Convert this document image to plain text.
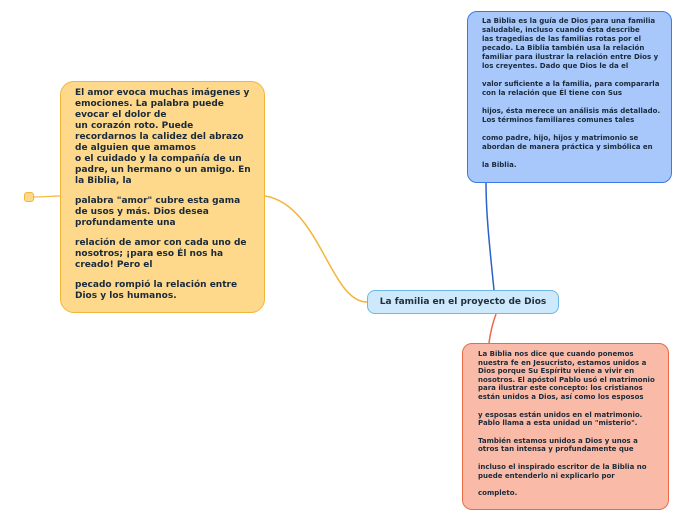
La familia en el proyecto de Dios

La Biblia es la guía de Dios para una familia saludable, incluso cuando ésta describe
las tragedias de las familias rotas por el pecado. La Biblia también usa la relación familiar para ilustrar la relación entre Dios y los creyentes. Dado que Dios le da el

valor suficiente a la familia, para compararla con la relación que Él tiene con Sus

hijos, ésta merece un análisis más detallado. Los términos familiares comunes tales

como padre, hijo, hijos y matrimonio se abordan de manera práctica y simbólica en

la Biblia.

El amor evoca muchas imágenes y emociones. La palabra puede evocar el dolor de
un corazón roto. Puede recordarnos la calidez del abrazo de alguien que amamos
o el cuidado y la compañía de un padre, un hermano o un amigo. En la Biblia, la

palabra "amor" cubre esta gama de usos y más. Dios desea profundamente una

relación de amor con cada uno de nosotros; ¡para eso Él nos ha creado! Pero el

pecado rompió la relación entre Dios y los humanos.

La Biblia nos dice que cuando ponemos nuestra fe en Jesucristo, estamos unidos a Dios porque Su Espíritu viene a vivir en nosotros. El apóstol Pablo usó el matrimonio
para ilustrar este concepto: los cristianos están unidos a Dios, así como los esposos

y esposas están unidos en el matrimonio. Pablo llama a esta unidad un "misterio".

También estamos unidos a Dios y unos a otros tan intensa y profundamente que

incluso el inspirado escritor de la Biblia no puede entenderlo ni explicarlo por

completo.
